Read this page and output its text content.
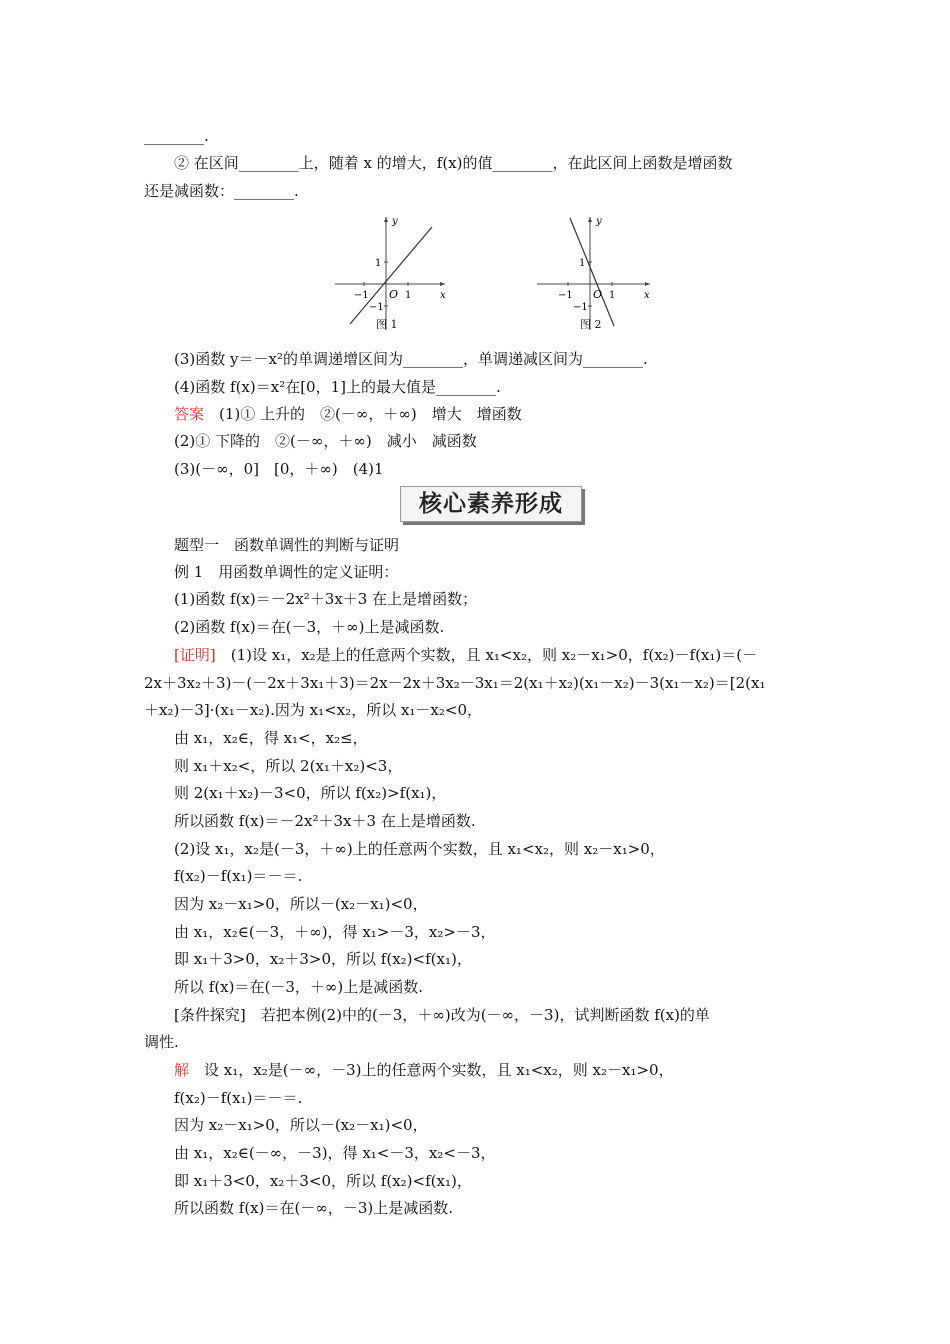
________.
② 在区间________上，随着 x 的增大，f(x)的值________，在此区间上函数是增函数
还是减函数：________.
y
x
O
−1	1
1
−1
图 1
y
x
O
−1	1
1
−1
图 2
(3)函数 y＝－x²的单调递增区间为________，单调递减区间为________.
(4)函数 f(x)＝x²在[0，1]上的最大值是________.
答案　(1)① 上升的　②(－∞，＋∞)　增大　增函数
(2)① 下降的　②(－∞，＋∞)　减小　减函数
(3)(－∞，0]　[0，＋∞)　(4)1
核心素养形成
题型一　函数单调性的判断与证明
例 1　用函数单调性的定义证明：
(1)函数 f(x)＝－2x²＋3x＋3 在上是增函数；
(2)函数 f(x)＝在(－3，＋∞)上是减函数.
[证明]　(1)设 x₁，x₂是上的任意两个实数，且 x₁<x₂，则 x₂－x₁>0，f(x₂)－f(x₁)＝(－
2x＋3x₂＋3)－(－2x＋3x₁＋3)＝2x－2x＋3x₂－3x₁＝2(x₁＋x₂)(x₁－x₂)－3(x₁－x₂)＝[2(x₁
＋x₂)－3]·(x₁－x₂).因为 x₁<x₂，所以 x₁－x₂<0，
由 x₁，x₂∈，得 x₁<，x₂≤，
则 x₁＋x₂<，所以 2(x₁＋x₂)<3，
则 2(x₁＋x₂)－3<0，所以 f(x₂)>f(x₁)，
所以函数 f(x)＝－2x²＋3x＋3 在上是增函数.
(2)设 x₁，x₂是(－3，＋∞)上的任意两个实数，且 x₁<x₂，则 x₂－x₁>0，
f(x₂)－f(x₁)＝－＝.
因为 x₂－x₁>0，所以－(x₂－x₁)<0，
由 x₁，x₂∈(－3，＋∞)，得 x₁>－3，x₂>－3，
即 x₁＋3>0，x₂＋3>0，所以 f(x₂)<f(x₁)，
所以 f(x)＝在(－3，＋∞)上是减函数.
[条件探究]　若把本例(2)中的(－3，＋∞)改为(－∞，－3)，试判断函数 f(x)的单
调性.
解　设 x₁，x₂是(－∞，－3)上的任意两个实数，且 x₁<x₂，则 x₂－x₁>0，
f(x₂)－f(x₁)＝－＝.
因为 x₂－x₁>0，所以－(x₂－x₁)<0，
由 x₁，x₂∈(－∞，－3)，得 x₁<－3，x₂<－3，
即 x₁＋3<0，x₂＋3<0，所以 f(x₂)<f(x₁)，
所以函数 f(x)＝在(－∞，－3)上是减函数.
